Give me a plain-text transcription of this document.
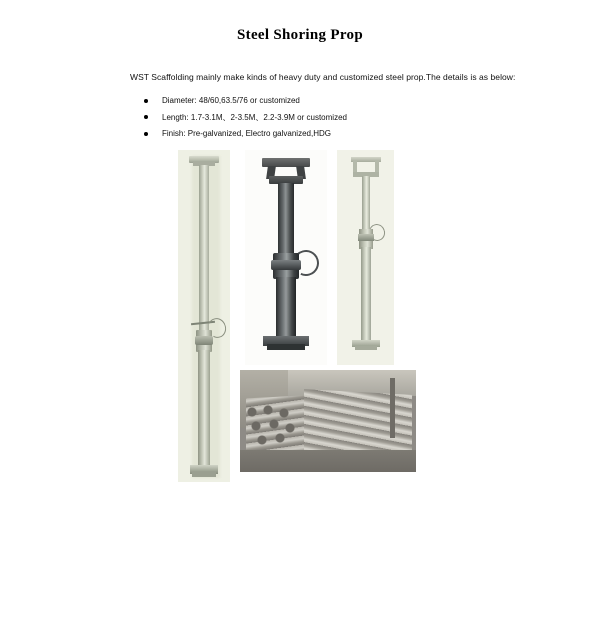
Steel Shoring Prop

WST Scaffolding mainly make kinds of heavy duty and customized steel prop.The details is as below:

Diameter: 48/60,63.5/76 or customized
Length: 1.7-3.1M、2-3.5M、2.2-3.9M or customized
Finish: Pre-galvanized, Electro galvanized,HDG
